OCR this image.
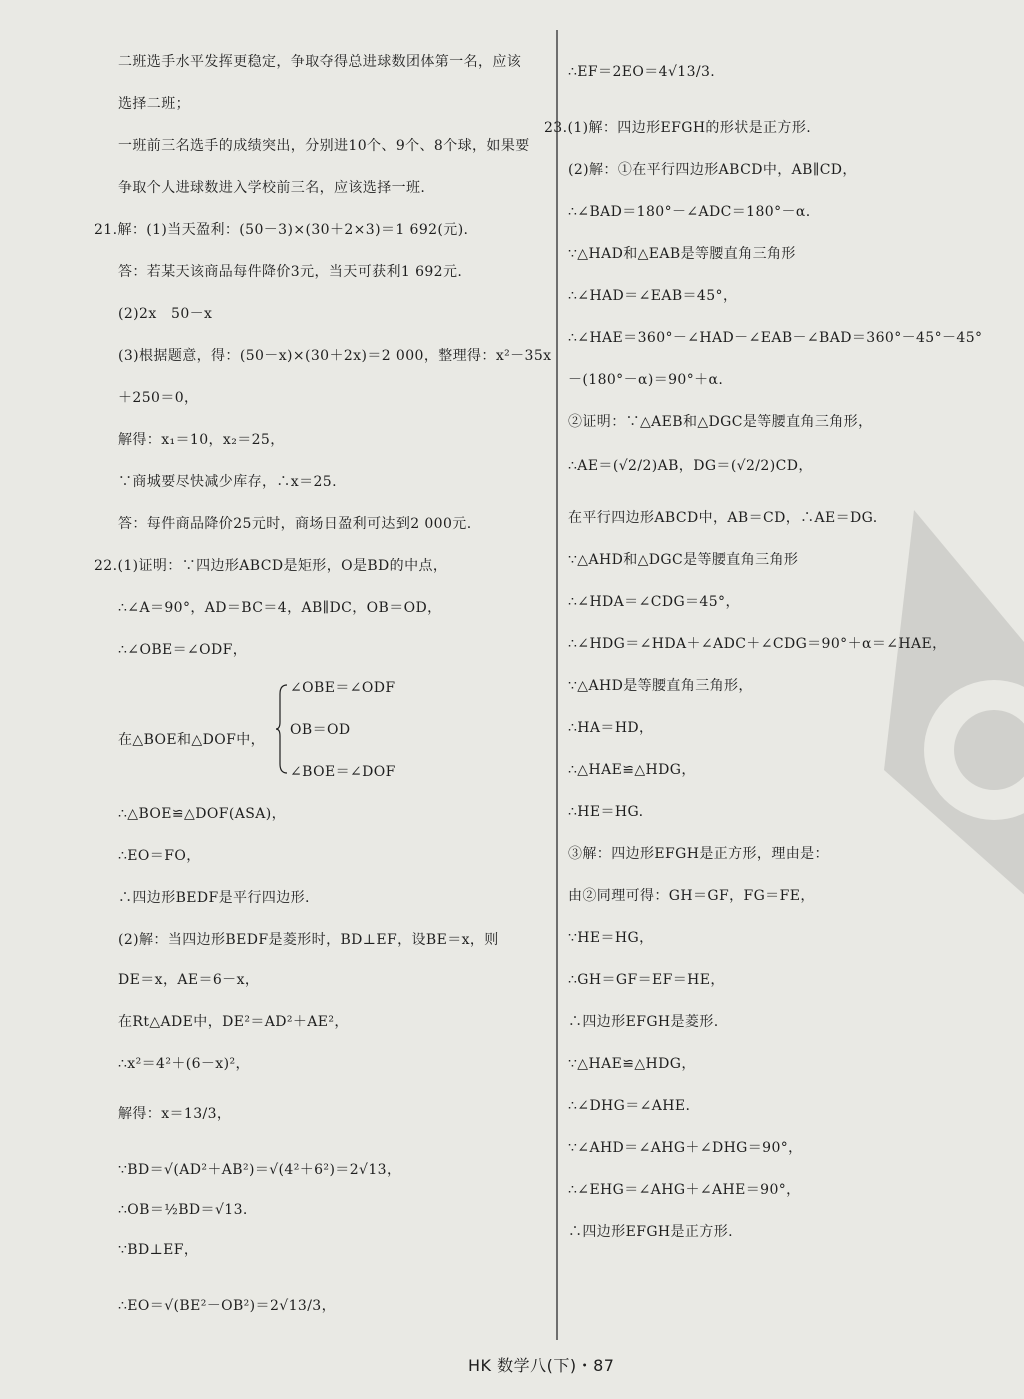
二班选手水平发挥更稳定，争取夺得总进球数团体第一名，应该
选择二班；
一班前三名选手的成绩突出，分别进10个、9个、8个球，如果要
争取个人进球数进入学校前三名，应该选择一班.
21.解：(1)当天盈利：(50－3)×(30＋2×3)＝1 692(元).
答：若某天该商品每件降价3元，当天可获利1 692元.
(2)2x　50－x
(3)根据题意，得：(50－x)×(30＋2x)＝2 000，整理得：x²－35x
＋250＝0，
解得：x₁＝10，x₂＝25，
∵商城要尽快减少库存，∴x＝25.
答：每件商品降价25元时，商场日盈利可达到2 000元.
22.(1)证明：∵四边形ABCD是矩形，O是BD的中点，
∴∠A＝90°，AD＝BC＝4，AB∥DC，OB＝OD，
∴∠OBE＝∠ODF，
在△BOE和△DOF中，
∴△BOE≌△DOF(ASA)，
∴EO＝FO，
∴四边形BEDF是平行四边形.
(2)解：当四边形BEDF是菱形时，BD⊥EF，设BE＝x，则
DE＝x，AE＝6－x，
在Rt△ADE中，DE²＝AD²＋AE²，
∴x²＝4²＋(6－x)²，
解得：x＝13/3，
∵BD＝√(AD²＋AB²)＝√(4²＋6²)＝2√13，
∴OB＝½BD＝√13.
∵BD⊥EF，
∴EO＝√(BE²－OB²)＝2√13/3，
∠OBE＝∠ODF
OB＝OD
∠BOE＝∠DOF
∴EF＝2EO＝4√13/3.
23.(1)解：四边形EFGH的形状是正方形.
(2)解：①在平行四边形ABCD中，AB∥CD，
∴∠BAD＝180°－∠ADC＝180°－α.
∵△HAD和△EAB是等腰直角三角形
∴∠HAD＝∠EAB＝45°，
∴∠HAE＝360°－∠HAD－∠EAB－∠BAD＝360°－45°－45°
－(180°－α)＝90°＋α.
②证明：∵△AEB和△DGC是等腰直角三角形，
∴AE＝(√2/2)AB，DG＝(√2/2)CD，
在平行四边形ABCD中，AB＝CD，∴AE＝DG.
∵△AHD和△DGC是等腰直角三角形
∴∠HDA＝∠CDG＝45°，
∴∠HDG＝∠HDA＋∠ADC＋∠CDG＝90°＋α＝∠HAE，
∵△AHD是等腰直角三角形，
∴HA＝HD，
∴△HAE≌△HDG，
∴HE＝HG.
③解：四边形EFGH是正方形，理由是：
由②同理可得：GH＝GF，FG＝FE，
∵HE＝HG，
∴GH＝GF＝EF＝HE，
∴四边形EFGH是菱形.
∵△HAE≌△HDG，
∴∠DHG＝∠AHE.
∵∠AHD＝∠AHG＋∠DHG＝90°，
∴∠EHG＝∠AHG＋∠AHE＝90°，
∴四边形EFGH是正方形.
HK 数学八(下)・87
